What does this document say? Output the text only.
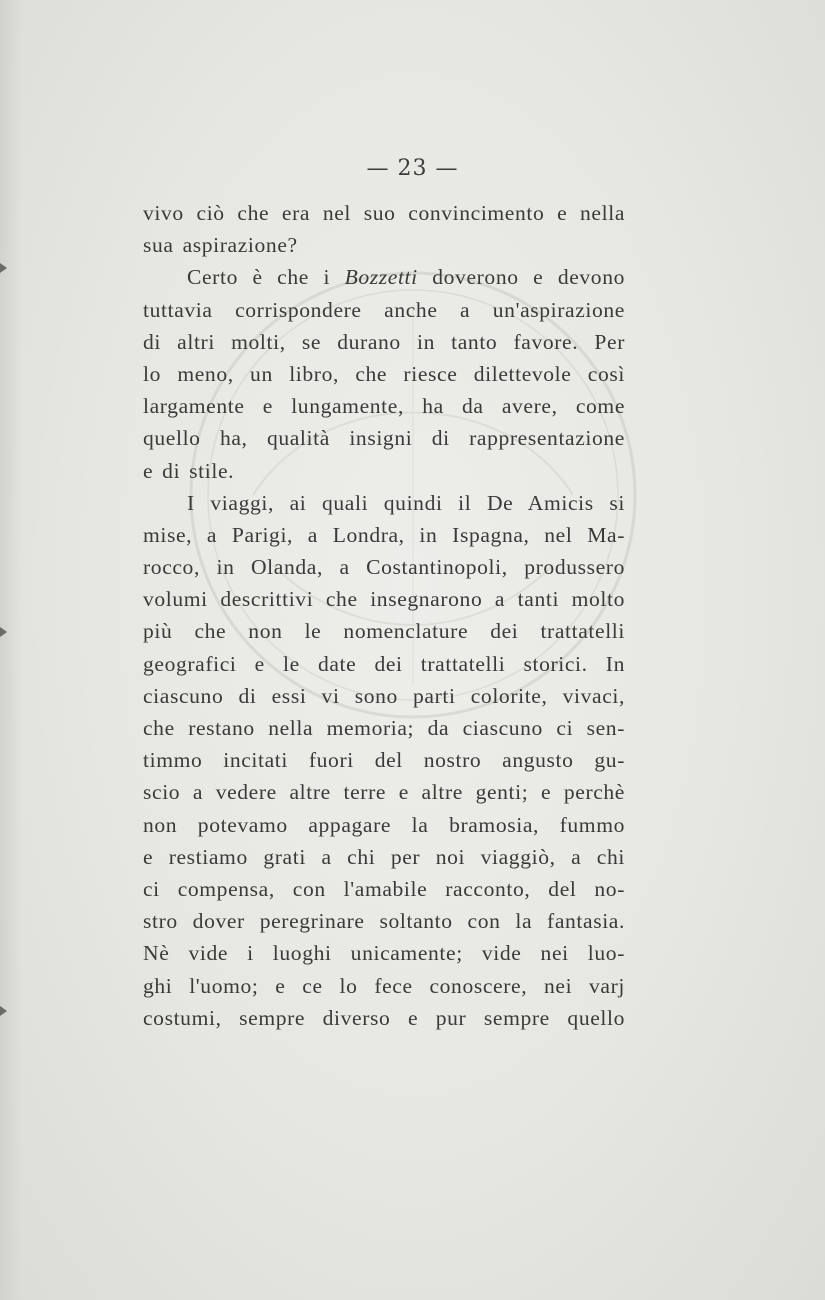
— 23 —
vivo ciò che era nel suo convincimento e nella
sua aspirazione?
Certo è che i Bozzetti doverono e devono
tuttavia corrispondere anche a un'aspirazione
di altri molti, se durano in tanto favore. Per
lo meno, un libro, che riesce dilettevole così
largamente e lungamente, ha da avere, come
quello ha, qualità insigni di rappresentazione
e di stile.
I viaggi, ai quali quindi il De Amicis si
mise, a Parigi, a Londra, in Ispagna, nel Ma-
rocco, in Olanda, a Costantinopoli, produssero
volumi descrittivi che insegnarono a tanti molto
più che non le nomenclature dei trattatelli
geografici e le date dei trattatelli storici. In
ciascuno di essi vi sono parti colorite, vivaci,
che restano nella memoria; da ciascuno ci sen-
timmo incitati fuori del nostro angusto gu-
scio a vedere altre terre e altre genti; e perchè
non potevamo appagare la bramosia, fummo
e restiamo grati a chi per noi viaggiò, a chi
ci compensa, con l'amabile racconto, del no-
stro dover peregrinare soltanto con la fantasia.
Nè vide i luoghi unicamente; vide nei luo-
ghi l'uomo; e ce lo fece conoscere, nei varj
costumi, sempre diverso e pur sempre quello
